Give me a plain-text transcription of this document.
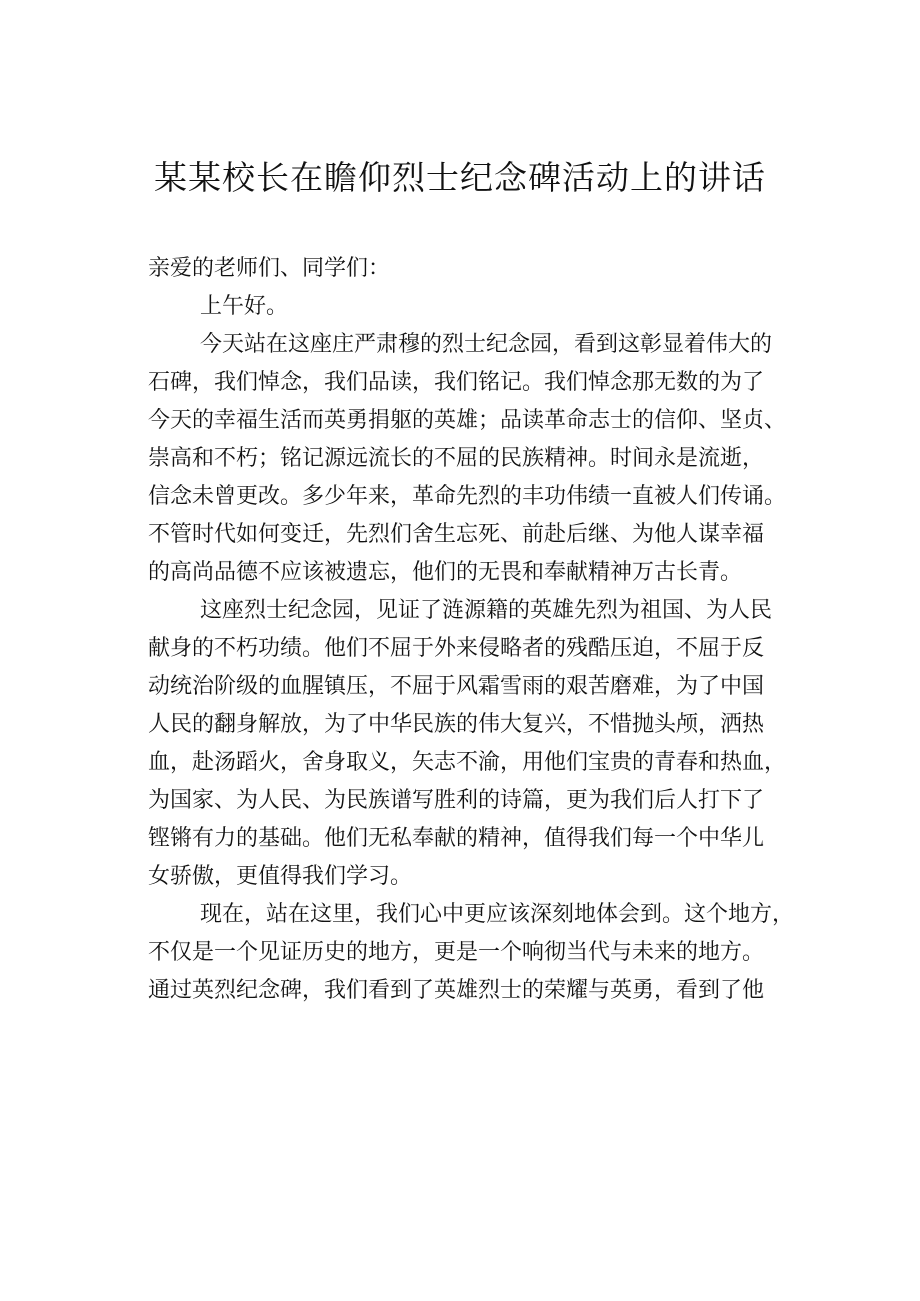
某某校长在瞻仰烈士纪念碑活动上的讲话

亲爱的老师们、同学们：

上午好。

今天站在这座庄严肃穆的烈士纪念园，看到这彰显着伟大的
石碑，我们悼念，我们品读，我们铭记。我们悼念那无数的为了
今天的幸福生活而英勇捐躯的英雄；品读革命志士的信仰、坚贞、
崇高和不朽；铭记源远流长的不屈的民族精神。时间永是流逝，
信念未曾更改。多少年来，革命先烈的丰功伟绩一直被人们传诵。
不管时代如何变迁，先烈们舍生忘死、前赴后继、为他人谋幸福
的高尚品德不应该被遗忘，他们的无畏和奉献精神万古长青。

这座烈士纪念园，见证了涟源籍的英雄先烈为祖国、为人民
献身的不朽功绩。他们不屈于外来侵略者的残酷压迫，不屈于反
动统治阶级的血腥镇压，不屈于风霜雪雨的艰苦磨难，为了中国
人民的翻身解放，为了中华民族的伟大复兴，不惜抛头颅，洒热
血，赴汤蹈火，舍身取义，矢志不渝，用他们宝贵的青春和热血，
为国家、为人民、为民族谱写胜利的诗篇，更为我们后人打下了
铿锵有力的基础。他们无私奉献的精神，值得我们每一个中华儿
女骄傲，更值得我们学习。

现在，站在这里，我们心中更应该深刻地体会到。这个地方，
不仅是一个见证历史的地方，更是一个响彻当代与未来的地方。
通过英烈纪念碑，我们看到了英雄烈士的荣耀与英勇，看到了他
